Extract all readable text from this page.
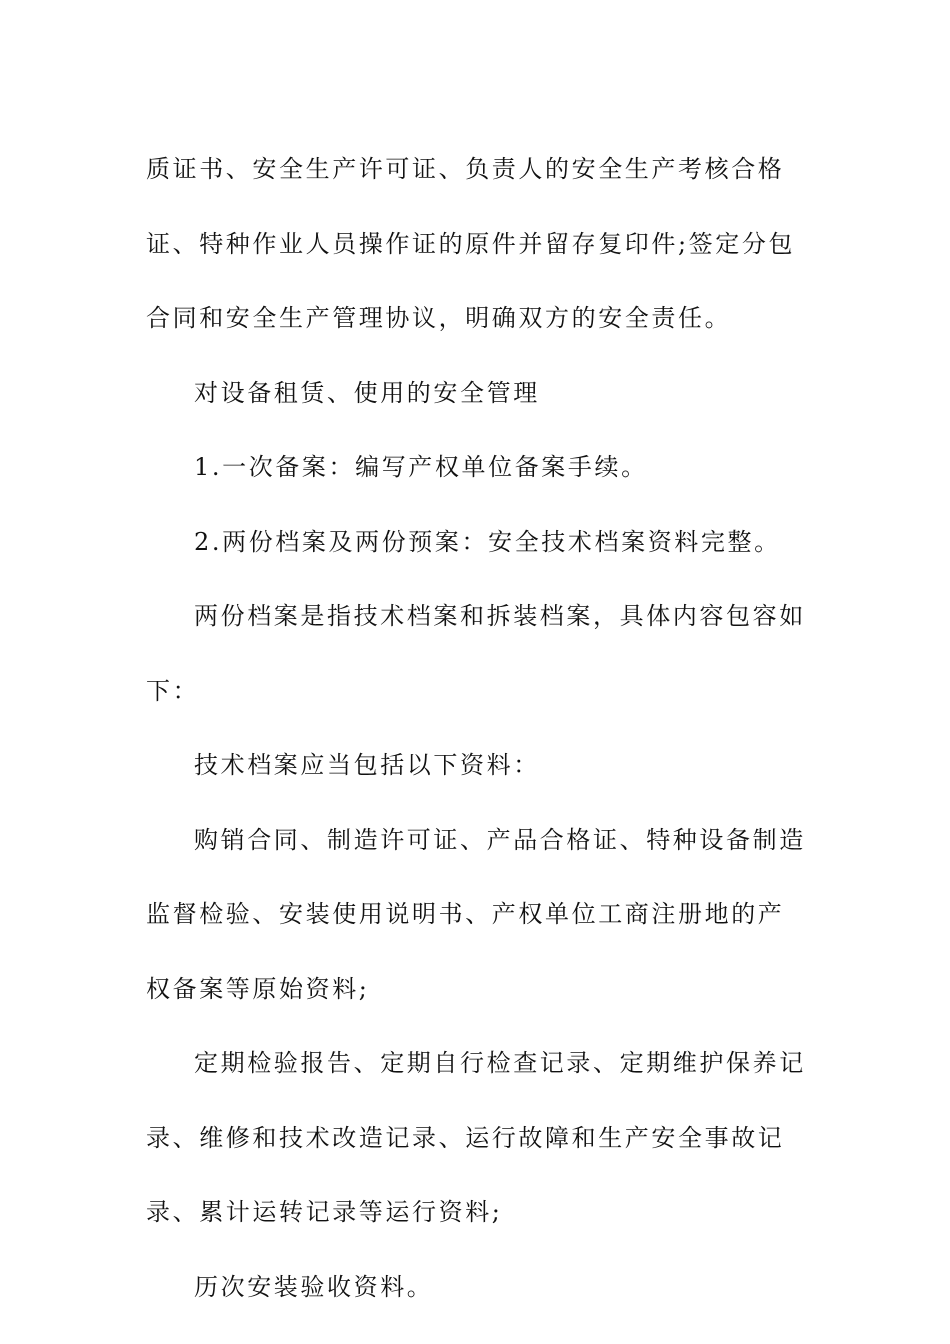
质证书、安全生产许可证、负责人的安全生产考核合格证、特种作业人员操作证的原件并留存复印件;签定分包合同和安全生产管理协议，明确双方的安全责任。

对设备租赁、使用的安全管理

1.一次备案：编写产权单位备案手续。

2.两份档案及两份预案：安全技术档案资料完整。

两份档案是指技术档案和拆装档案，具体内容包容如下：

技术档案应当包括以下资料：

购销合同、制造许可证、产品合格证、特种设备制造监督检验、安装使用说明书、产权单位工商注册地的产权备案等原始资料;

定期检验报告、定期自行检查记录、定期维护保养记录、维修和技术改造记录、运行故障和生产安全事故记录、累计运转记录等运行资料;

历次安装验收资料。
